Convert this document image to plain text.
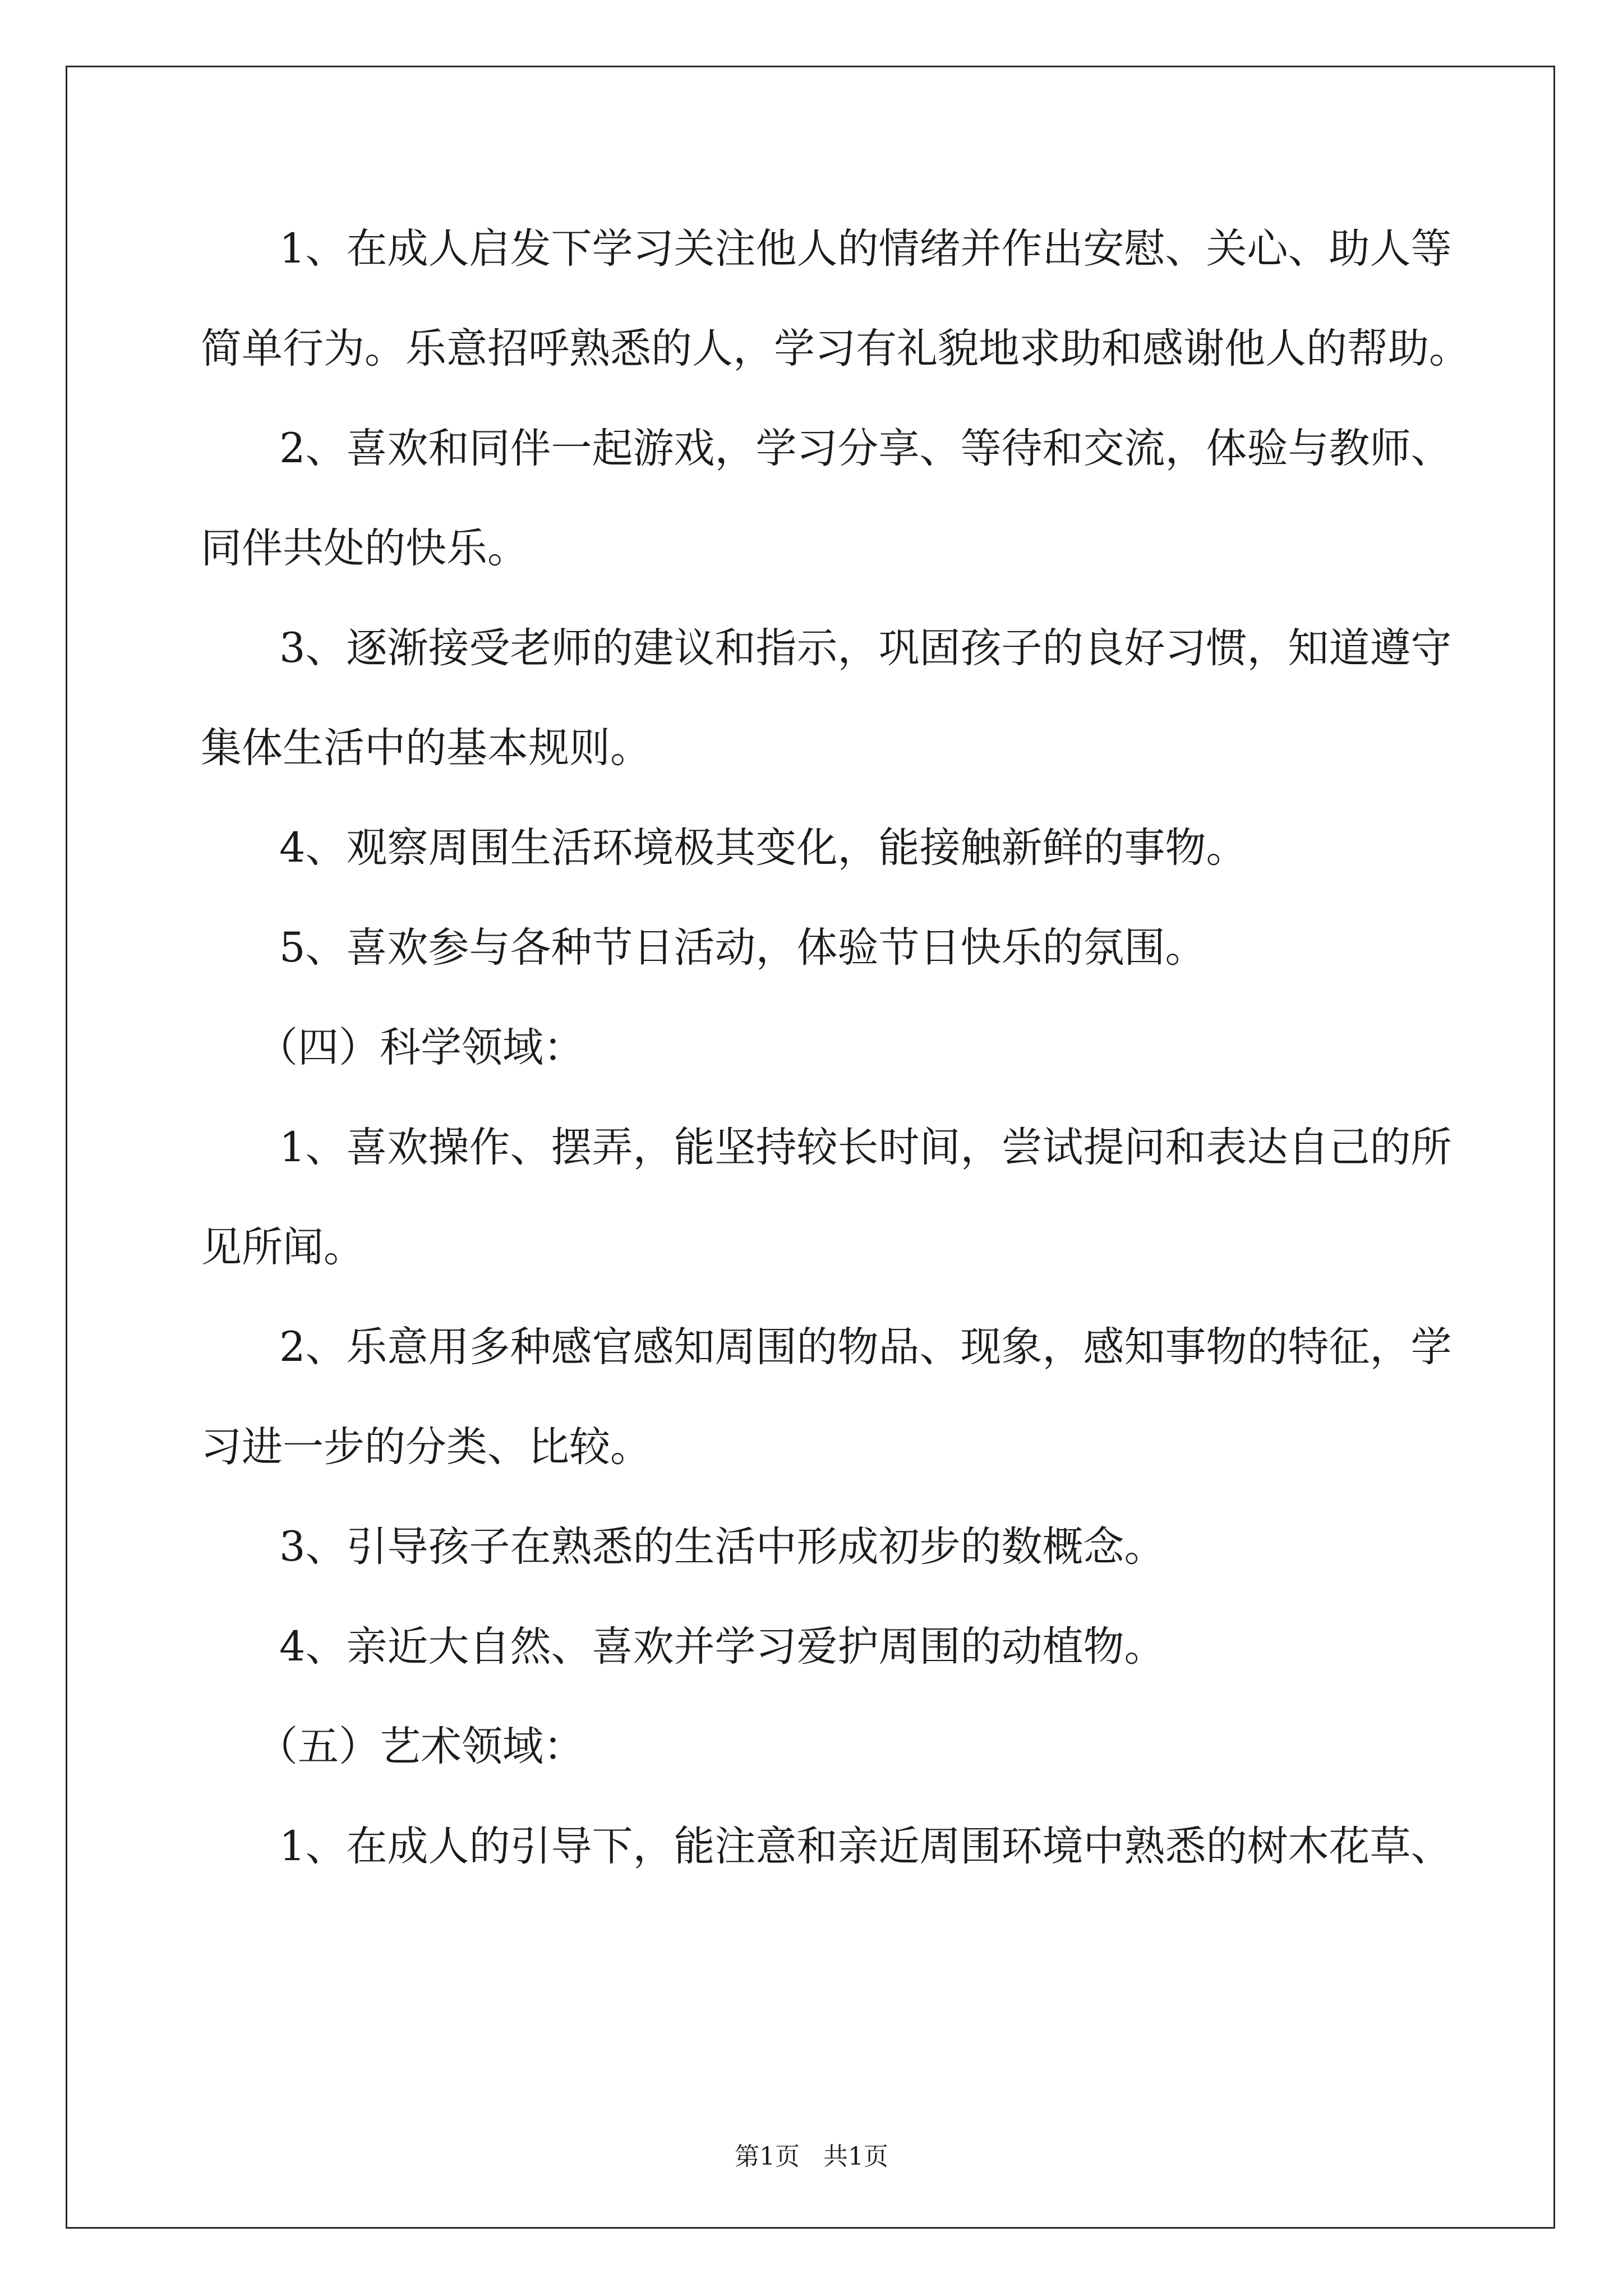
1、在成人启发下学习关注他人的情绪并作出安慰、关心、助人等
简单行为。乐意招呼熟悉的人，学习有礼貌地求助和感谢他人的帮助。
2、喜欢和同伴一起游戏，学习分享、等待和交流，体验与教师、
同伴共处的快乐。
3、逐渐接受老师的建议和指示，巩固孩子的良好习惯，知道遵守
集体生活中的基本规则。
4、观察周围生活环境极其变化，能接触新鲜的事物。
5、喜欢参与各种节日活动，体验节日快乐的氛围。
（四）科学领域：
1、喜欢操作、摆弄，能坚持较长时间，尝试提问和表达自己的所
见所闻。
2、乐意用多种感官感知周围的物品、现象，感知事物的特征，学
习进一步的分类、比较。
3、引导孩子在熟悉的生活中形成初步的数概念。
4、亲近大自然、喜欢并学习爱护周围的动植物。
（五）艺术领域：
1、在成人的引导下，能注意和亲近周围环境中熟悉的树木花草、
第1页   共1页
